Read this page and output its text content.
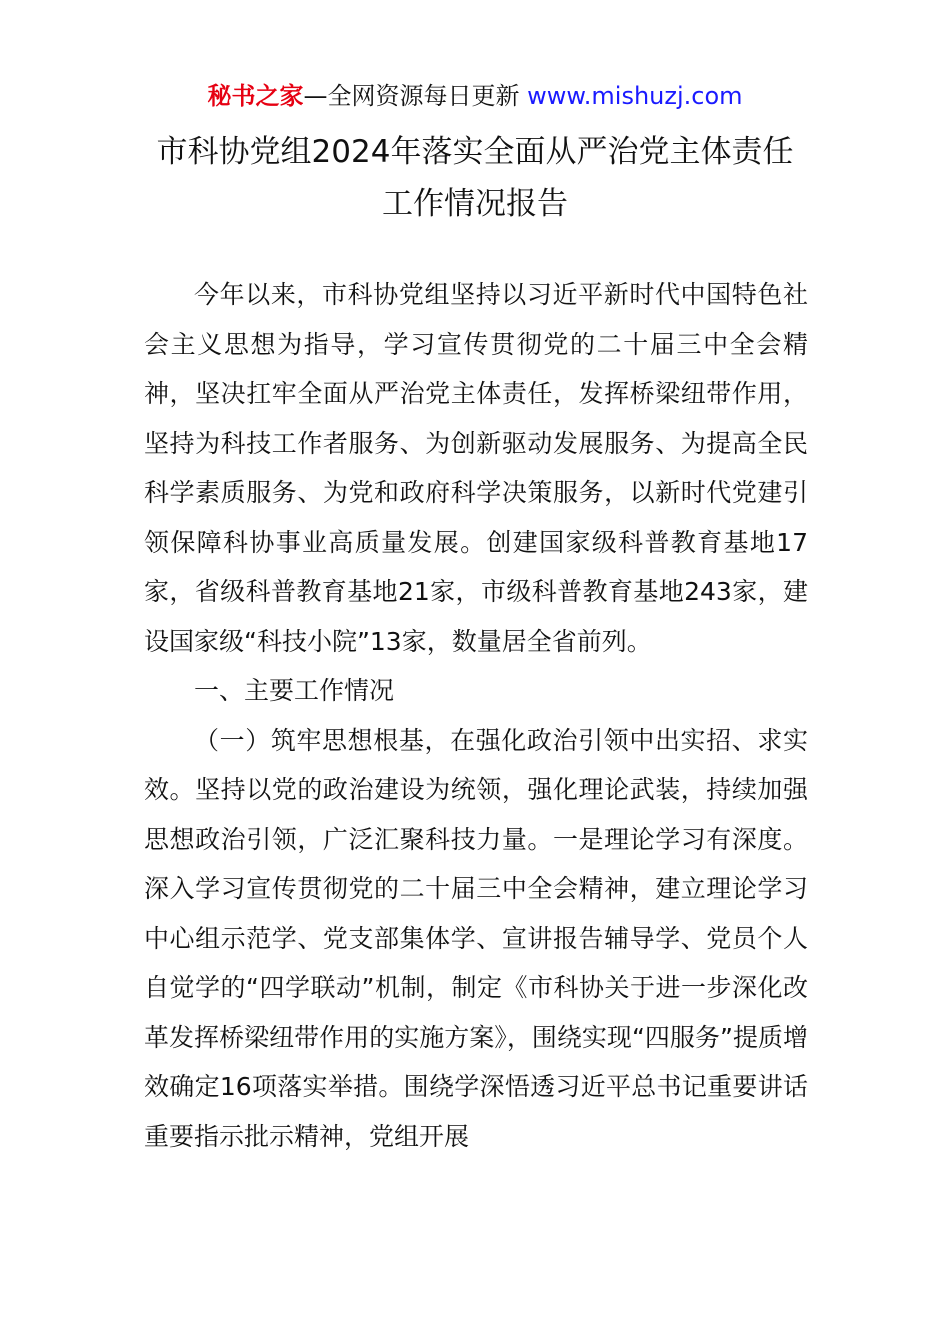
秘书之家—全网资源每日更新 www.mishuzj.com
市科协党组2024年落实全面从严治党主体责任
工作情况报告

今年以来，市科协党组坚持以习近平新时代中国特色社会主义思想为指导，学习宣传贯彻党的二十届三中全会精神，坚决扛牢全面从严治党主体责任，发挥桥梁纽带作用，坚持为科技工作者服务、为创新驱动发展服务、为提高全民科学素质服务、为党和政府科学决策服务，以新时代党建引领保障科协事业高质量发展。创建国家级科普教育基地17家，省级科普教育基地21家，市级科普教育基地243家，建设国家级“科技小院”13家，数量居全省前列。

一、主要工作情况

（一）筑牢思想根基，在强化政治引领中出实招、求实效。坚持以党的政治建设为统领，强化理论武装，持续加强思想政治引领，广泛汇聚科技力量。一是理论学习有深度。深入学习宣传贯彻党的二十届三中全会精神，建立理论学习中心组示范学、党支部集体学、宣讲报告辅导学、党员个人自觉学的“四学联动”机制，制定《市科协关于进一步深化改革发挥桥梁纽带作用的实施方案》，围绕实现“四服务”提质增效确定16项落实举措。围绕学深悟透习近平总书记重要讲话重要指示批示精神，党组开展
